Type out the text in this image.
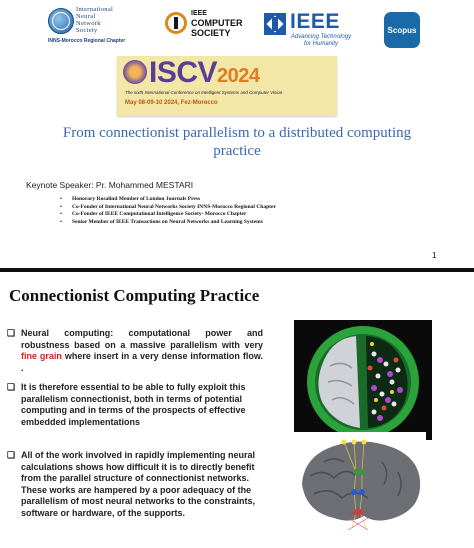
International
Neural
Network
Society
INNS-Morocco Regional Chapter
IEEE
COMPUTER
SOCIETY	IEEE
Advancing Technology
for Humanity
Scopus
ISCV2024
The sixth International Conference on Intelligent Systems and Computer Vision
May 08-09-10 2024, Fez-Morocco
From connectionist parallelism to a distributed computing practice
Keynote Speaker: Pr. Mohammed MESTARI
• Honorary Rosalind Member of London Journals Press
• Co-Fonder of International Neural Networks Society INNS-Morocco Regional Chapter
• Co-Fonder of IEEE Computational Intelligence Society- Morocco Chapter
• Senior Member of IEEE Transactions on Neural Networks and Learning Systems
1
Connectionist Computing Practice
❏ Neural computing: computational power and robustness based on a massive parallelism with very fine grain where insert in a very dense information flow. .
❏ It is therefore essential to be able to fully exploit this parallelism connectionist, both in terms of potential computing and in terms of the prospects of effective embedded implementations
❏ All of the work involved in rapidly implementing neural calculations shows how difficult it is to directly benefit from the parallel structure of connectionist networks. These works are hampered by a poor adequacy of the parallelism of most neural networks to the constraints, software or hardware, of the supports.
